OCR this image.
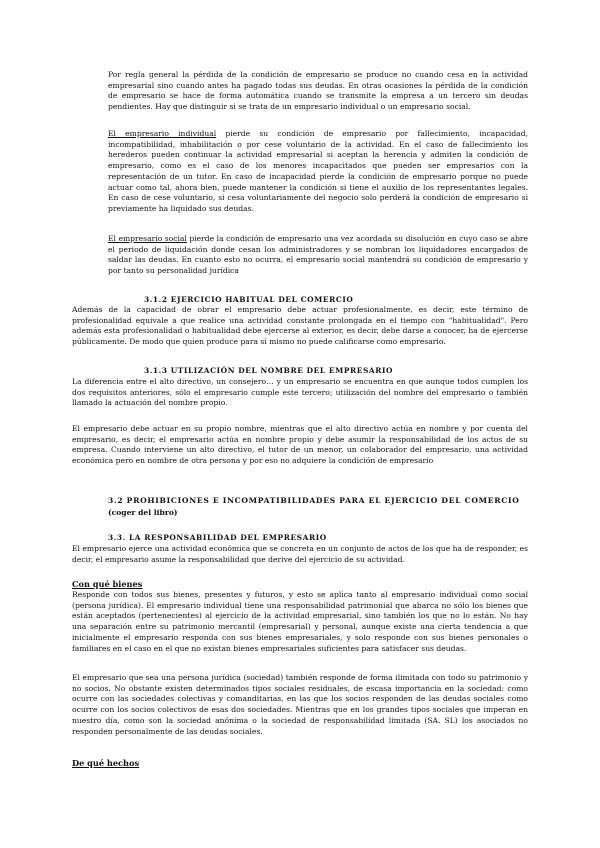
Por regla general la pérdida de la condición de empresario se produce no cuando cesa en la actividad empresarial sino cuando antes ha pagado todas sus deudas. En otras ocasiones la pérdida de la condición de empresario se hace de forma automática cuando se transmite la empresa a un tercero sin deudas pendientes. Hay que distinguir si se trata de un empresario individual o un empresario social.

El empresario individual pierde su condición de empresario por fallecimiento, incapacidad, incompatibilidad, inhabilitación o por cese voluntario de la actividad. En el caso de fallecimiento los herederos pueden continuar la actividad empresarial si aceptan la herencia y admiten la condición de empresario, como es el caso de los menores incapacitados que pueden ser empresarios con la representación de un tutor. En caso de incapacidad pierde la condición de empresario porque no puede actuar como tal, ahora bien, puede mantener la condición si tiene el auxilio de los representantes legales. En caso de cese voluntario, si cesa voluntariamente del negocio solo perderá la condición de empresario si previamente ha liquidado sus deudas.

El empresario social pierde la condición de empresario una vez acordada su disolución en cuyo caso se abre el periodo de liquidación donde cesan los administradores y se nombran los liquidadores encargados de saldar las deudas. En cuanto esto no ocurra, el empresario social mantendrá su condición de empresario y por tanto su personalidad jurídica

3.1.2 EJERCICIO HABITUAL DEL COMERCIO

Además de la capacidad de obrar el empresario debe actuar profesionalmente, es decir, este término de profesionalidad equivale a que realice una actividad constante prolongada en el tiempo con "habitualidad". Pero además esta profesionalidad o habitualidad debe ejercerse al exterior, es decir, debe darse a conocer, ha de ejercerse públicamente. De modo que quien produce para sí mismo no puede calificarse como empresario.

3.1.3 UTILIZACIÓN DEL NOMBRE DEL EMPRESARIO

La diferencia entre el alto directivo, un consejero… y un empresario se encuentra en que aunque todos cumplen los dos requisitos anteriores, sólo el empresario cumple este tercero; utilización del nombre del empresario o también llamado la actuación del nombre propio.

El empresario debe actuar en su propio nombre, mientras que el alto directivo actúa en nombre y por cuenta del empresario, es decir, el empresario actúa en nombre propio y debe asumir la responsabilidad de los actos de su empresa. Cuando interviene un alto directivo, el tutor de un menor, un colaborador del empresario, una actividad económica pero en nombre de otra persona y por eso no adquiere la condición de empresario

3.2 PROHIBICIONES E INCOMPATIBILIDADES PARA EL EJERCICIO DEL COMERCIO

(coger del libro)

3.3. LA RESPONSABILIDAD DEL EMPRESARIO

El empresario ejerce una actividad económica que se concreta en un conjunto de actos de los que ha de responder, es decir, el empresario asume la responsabilidad que derive del ejercicio de su actividad.

Con qué bienes

Responde con todos sus bienes, presentes y futuros, y esto se aplica tanto al empresario individual como social (persona jurídica). El empresario individual tiene una responsabilidad patrimonial que abarca no sólo los bienes que están aceptados (pertenecientes) al ejercicio de la actividad empresarial, sino también los que no lo están. No hay una separación entre su patrimonio mercantil (empresarial) y personal, aunque existe una cierta tendencia a que inicialmente el empresario responda con sus bienes empresariales, y solo responde con sus bienes personales o familiares en el caso en el que no existan bienes empresariales suficientes para satisfacer sus deudas.

El empresario que sea una persona jurídica (sociedad) también responde de forma ilimitada con todo su patrimonio y no socios. No obstante existen determinados tipos sociales residuales, de escasa importancia en la sociedad: como ocurre con las sociedades colectivas y comanditarias, en las que los socios responden de las deudas sociales como ocurre con los socios colectivos de esas dos sociedades. Mientras que en los grandes tipos sociales que imperan en nuestro día, como son la sociedad anónima o la sociedad de responsabilidad limitada (SA. SL) los asociados no responden personalmente de las deudas sociales.

De qué hechos
